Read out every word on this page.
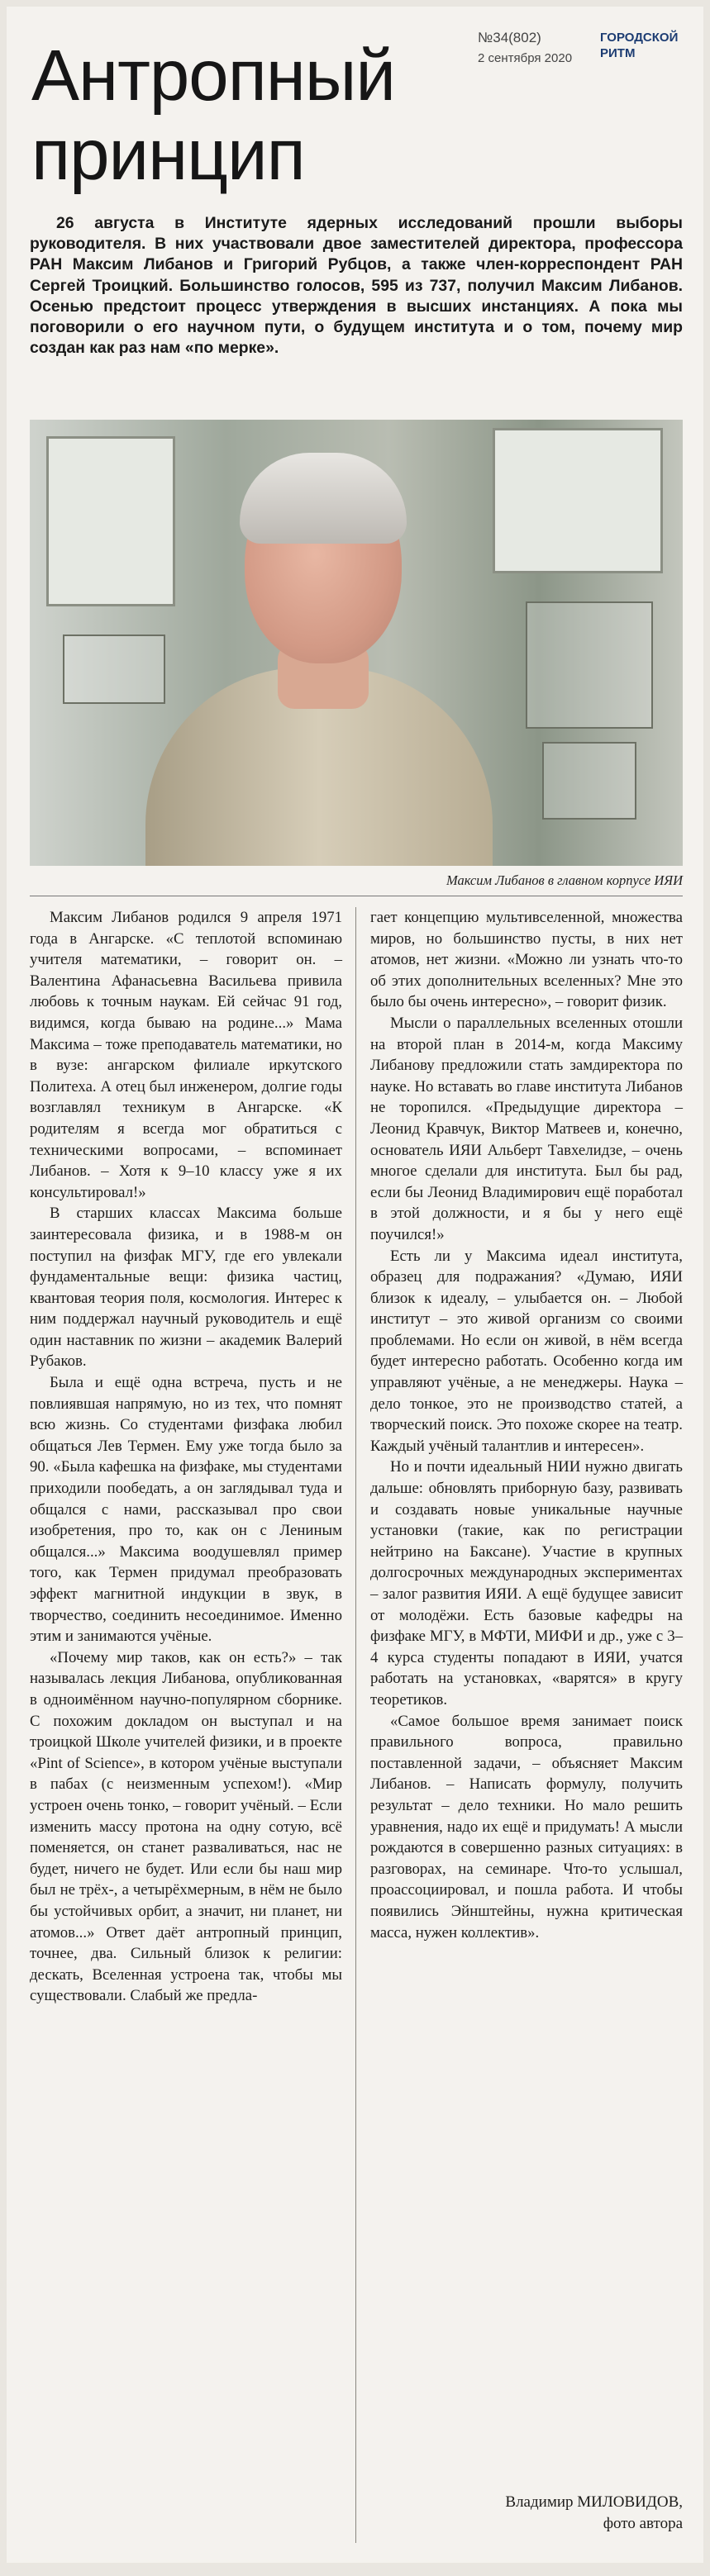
Антропный
принцип
№34(802)
2 сентября 2020
ГОРОДСКОЙ
РИТМ

26 августа в Институте ядерных исследований прошли выборы руководителя. В них участвовали двое заместителей директора, профессора РАН Максим Либанов и Григорий Рубцов, а также член-корреспондент РАН Сергей Троицкий. Большинство голосов, 595 из 737, получил Максим Либанов. Осенью предстоит процесс утверждения в высших инстанциях. А пока мы поговорили о его научном пути, о будущем института и о том, почему мир создан как раз нам «по мерке».

Максим Либанов в главном корпусе ИЯИ

Максим Либанов родился 9 апреля 1971 года в Ангарске. «С теплотой вспоминаю учителя математики, – говорит он. – Валентина Афанасьевна Васильева привила любовь к точным наукам. Ей сейчас 91 год, видимся, когда бываю на родине...» Мама Максима – тоже преподаватель математики, но в вузе: ангарском филиале иркутского Политеха. А отец был инженером, долгие годы возглавлял техникум в Ангарске. «К родителям я всегда мог обратиться с техническими вопросами, – вспоминает Либанов. – Хотя к 9–10 классу уже я их консультировал!»

В старших классах Максима больше заинтересовала физика, и в 1988-м он поступил на физфак МГУ, где его увлекали фундаментальные вещи: физика частиц, квантовая теория поля, космология. Интерес к ним поддержал научный руководитель и ещё один наставник по жизни – академик Валерий Рубаков.

Была и ещё одна встреча, пусть и не повлиявшая напрямую, но из тех, что помнят всю жизнь. Со студентами физфака любил общаться Лев Термен. Ему уже тогда было за 90. «Была кафешка на физфаке, мы студентами приходили пообедать, а он заглядывал туда и общался с нами, рассказывал про свои изобретения, про то, как он с Лениным общался...» Максима воодушевлял пример того, как Термен придумал преобразовать эффект магнитной индукции в звук, в творчество, соединить несоединимое. Именно этим и занимаются учёные.

«Почему мир таков, как он есть?» – так называлась лекция Либанова, опубликованная в одноимённом научно-популярном сборнике. С похожим докладом он выступал и на троицкой Школе учителей физики, и в проекте «Pint of Science», в котором учёные выступали в пабах (с неизменным успехом!). «Мир устроен очень тонко, – говорит учёный. – Если изменить массу протона на одну сотую, всё поменяется, он станет разваливаться, нас не будет, ничего не будет. Или если бы наш мир был не трёх-, а четырёхмерным, в нём не было бы устойчивых орбит, а значит, ни планет, ни атомов...» Ответ даёт антропный принцип, точнее, два. Сильный близок к религии: дескать, Вселенная устроена так, чтобы мы существовали. Слабый же предла-

гает концепцию мультивселенной, множества миров, но большинство пусты, в них нет атомов, нет жизни. «Можно ли узнать что-то об этих дополнительных вселенных? Мне это было бы очень интересно», – говорит физик.

Мысли о параллельных вселенных отошли на второй план в 2014-м, когда Максиму Либанову предложили стать замдиректора по науке. Но вставать во главе института Либанов не торопился. «Предыдущие директора – Леонид Кравчук, Виктор Матвеев и, конечно, основатель ИЯИ Альберт Тавхелидзе, – очень многое сделали для института. Был бы рад, если бы Леонид Владимирович ещё поработал в этой должности, и я бы у него ещё поучился!»

Есть ли у Максима идеал института, образец для подражания? «Думаю, ИЯИ близок к идеалу, – улыбается он. – Любой институт – это живой организм со своими проблемами. Но если он живой, в нём всегда будет интересно работать. Особенно когда им управляют учёные, а не менеджеры. Наука – дело тонкое, это не производство статей, а творческий поиск. Это похоже скорее на театр. Каждый учёный талантлив и интересен».

Но и почти идеальный НИИ нужно двигать дальше: обновлять приборную базу, развивать и создавать новые уникальные научные установки (такие, как по регистрации нейтрино на Баксане). Участие в крупных долгосрочных международных экспериментах – залог развития ИЯИ. А ещё будущее зависит от молодёжи. Есть базовые кафедры на физфаке МГУ, в МФТИ, МИФИ и др., уже с 3–4 курса студенты попадают в ИЯИ, учатся работать на установках, «варятся» в кругу теоретиков.

«Самое большое время занимает поиск правильного вопроса, правильно поставленной задачи, – объясняет Максим Либанов. – Написать формулу, получить результат – дело техники. Но мало решить уравнения, надо их ещё и придумать! А мысли рождаются в совершенно разных ситуациях: в разговорах, на семинаре. Что-то услышал, проассоциировал, и пошла работа. И чтобы появились Эйнштейны, нужна критическая масса, нужен коллектив».

Владимир МИЛОВИДОВ,
фото автора
